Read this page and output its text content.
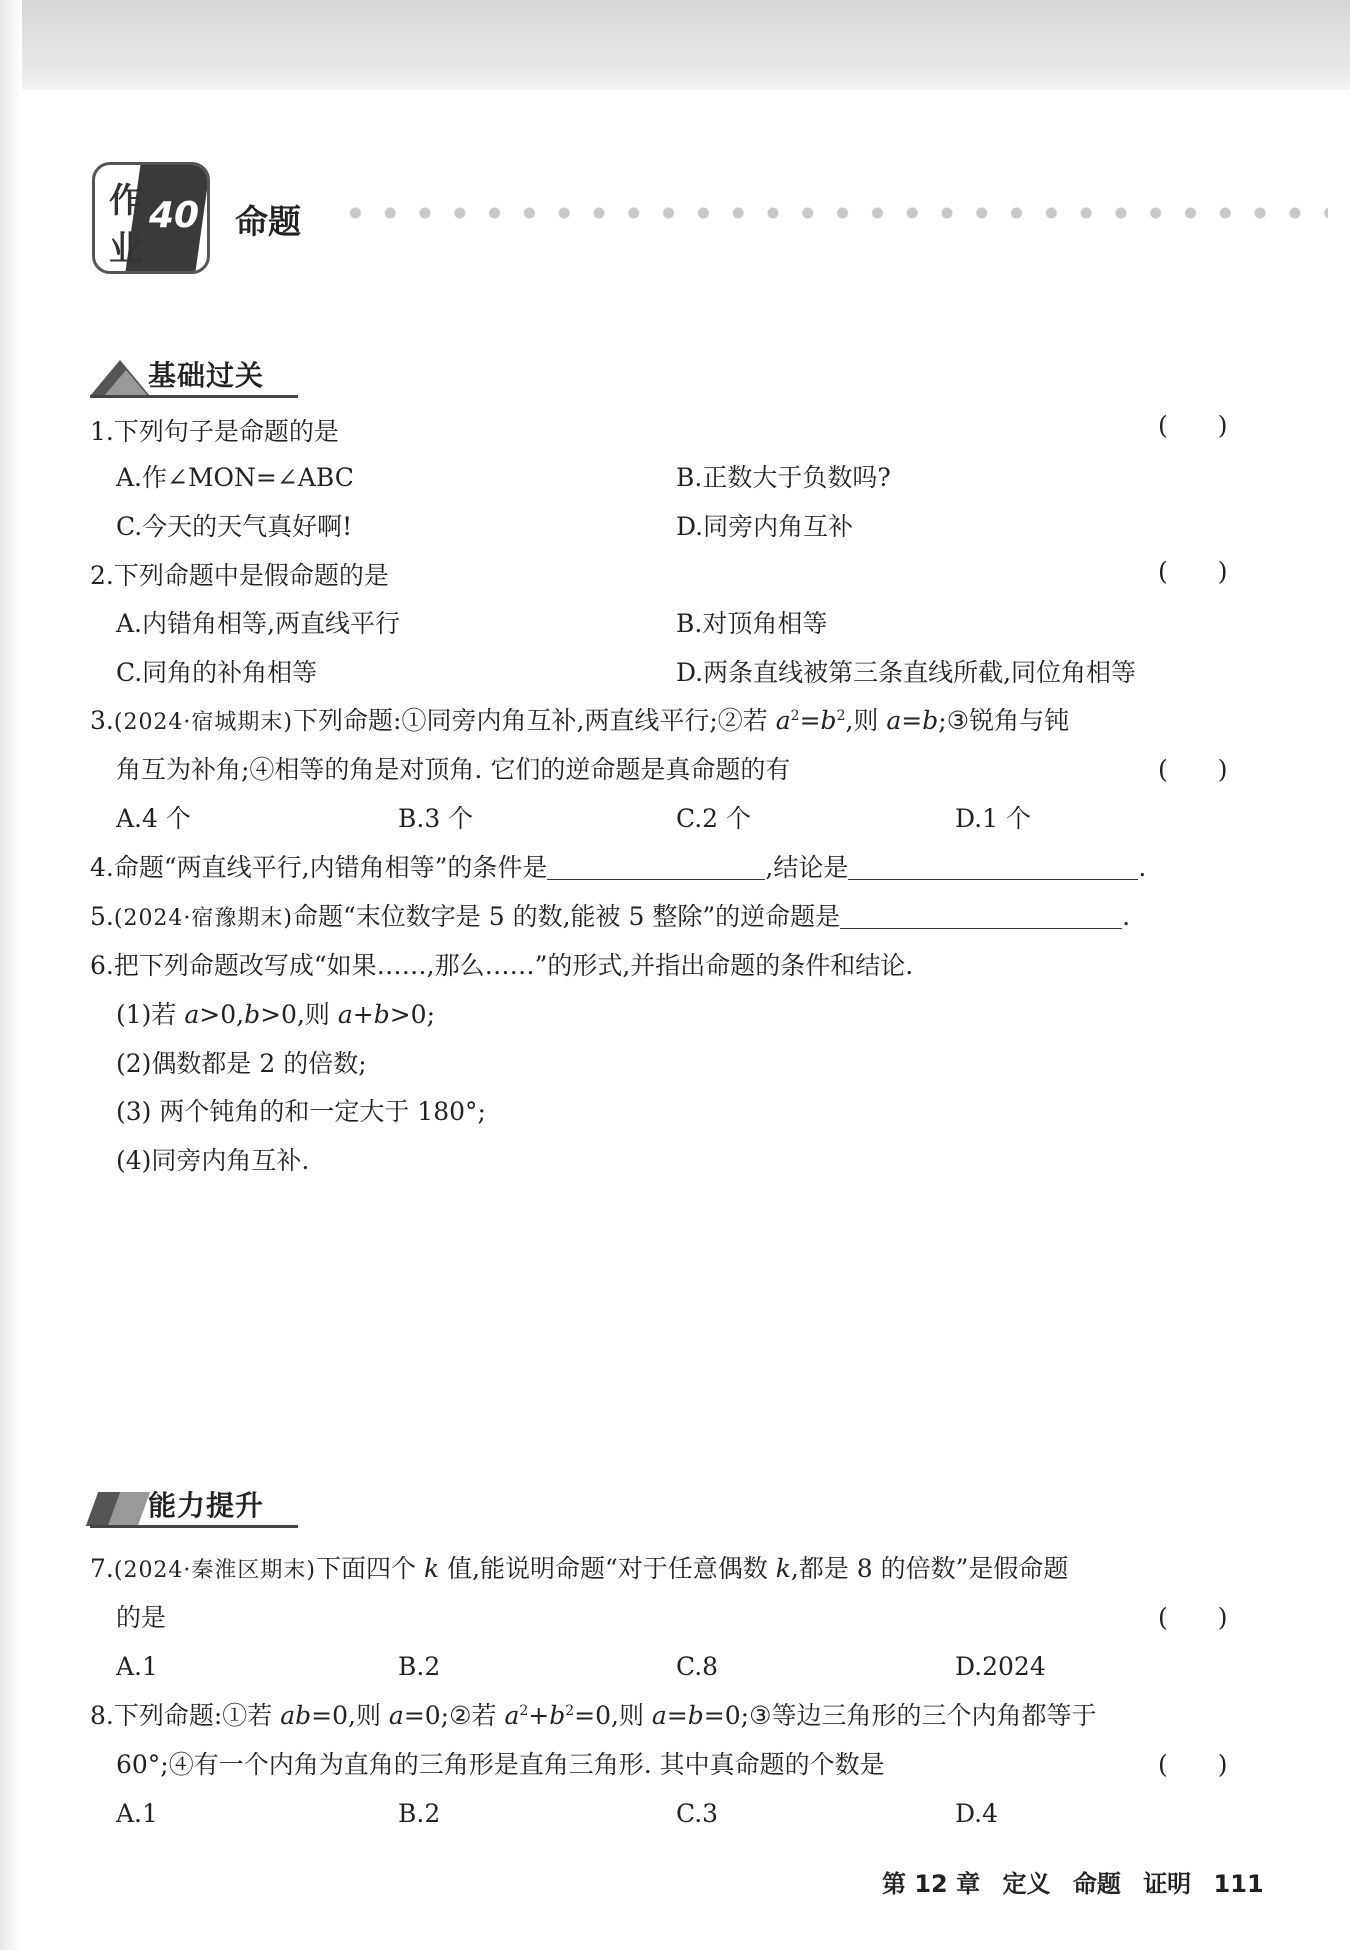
作
业
40 命题
基础过关
1.下列句子是命题的是	(　　)
A.作∠MON=∠ABC	B.正数大于负数吗?
C.今天的天气真好啊!	D.同旁内角互补
2.下列命题中是假命题的是	(　　)
A.内错角相等,两直线平行	B.对顶角相等
C.同角的补角相等	D.两条直线被第三条直线所截,同位角相等
3.(2024·宿城期末)下列命题:①同旁内角互补,两直线平行;②若 $a^2=b^2$,则 a=b;③锐角与钝
角互为补角;④相等的角是对顶角. 它们的逆命题是真命题的有	(　　)
A.4 个	B.3 个	C.2 个	D.1 个
4.命题“两直线平行,内错角相等”的条件是	,结论是	.
5.(2024·宿豫期末)命题“末位数字是 5 的数,能被 5 整除”的逆命题是	.
6.把下列命题改写成“如果……,那么……”的形式,并指出命题的条件和结论.
(1)若 a>0,b>0,则 a+b>0;
(2)偶数都是 2 的倍数;
(3) 两个钝角的和一定大于 180°;
(4)同旁内角互补.
能力提升
7.(2024·秦淮区期末)下面四个 k 值,能说明命题“对于任意偶数 k,都是 8 的倍数”是假命题
的是	(　　)
A.1	B.2	C.8	D.2024
8.下列命题:①若 ab=0,则 a=0;②若 $a^2+b^2=0$,则 a=b=0;③等边三角形的三个内角都等于
60°;④有一个内角为直角的三角形是直角三角形. 其中真命题的个数是	(　　)
A.1	B.2	C.3	D.4
第 12 章 定义 命题 证明 111
